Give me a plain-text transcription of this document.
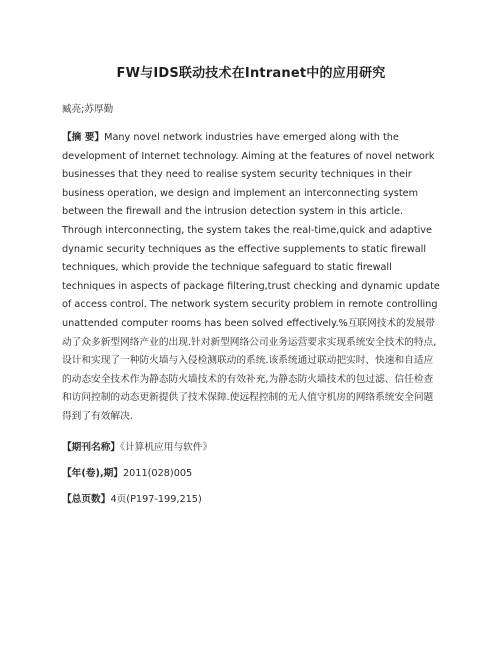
FW与IDS联动技术在Intranet中的应用研究
臧亮;苏厚勤
【摘 要】Many novel network industries have emerged along with the development of Internet technology. Aiming at the features of novel network businesses that they need to realise system security techniques in their business operation, we design and implement an interconnecting system between the firewall and the intrusion detection system in this article. Through interconnecting, the system takes the real-time,quick and adaptive dynamic security techniques as the effective supplements to static firewall techniques, which provide the technique safeguard to static firewall techniques in aspects of package filtering,trust checking and dynamic update of access control. The network system security problem in remote controlling unattended computer rooms has been solved effectively.%互联网技术的发展带动了众多新型网络产业的出现.针对新型网络公司业务运营要求实现系统安全技术的特点,设计和实现了一种防火墙与入侵检测联动的系统.该系统通过联动把实时、快速和自适应的动态安全技术作为静态防火墙技术的有效补充,为静态防火墙技术的包过滤、信任检查和访问控制的动态更新提供了技术保障.使远程控制的无人值守机房的网络系统安全问题得到了有效解决.
【期刊名称】《计算机应用与软件》
【年(卷),期】2011(028)005
【总页数】4页(P197-199,215)
